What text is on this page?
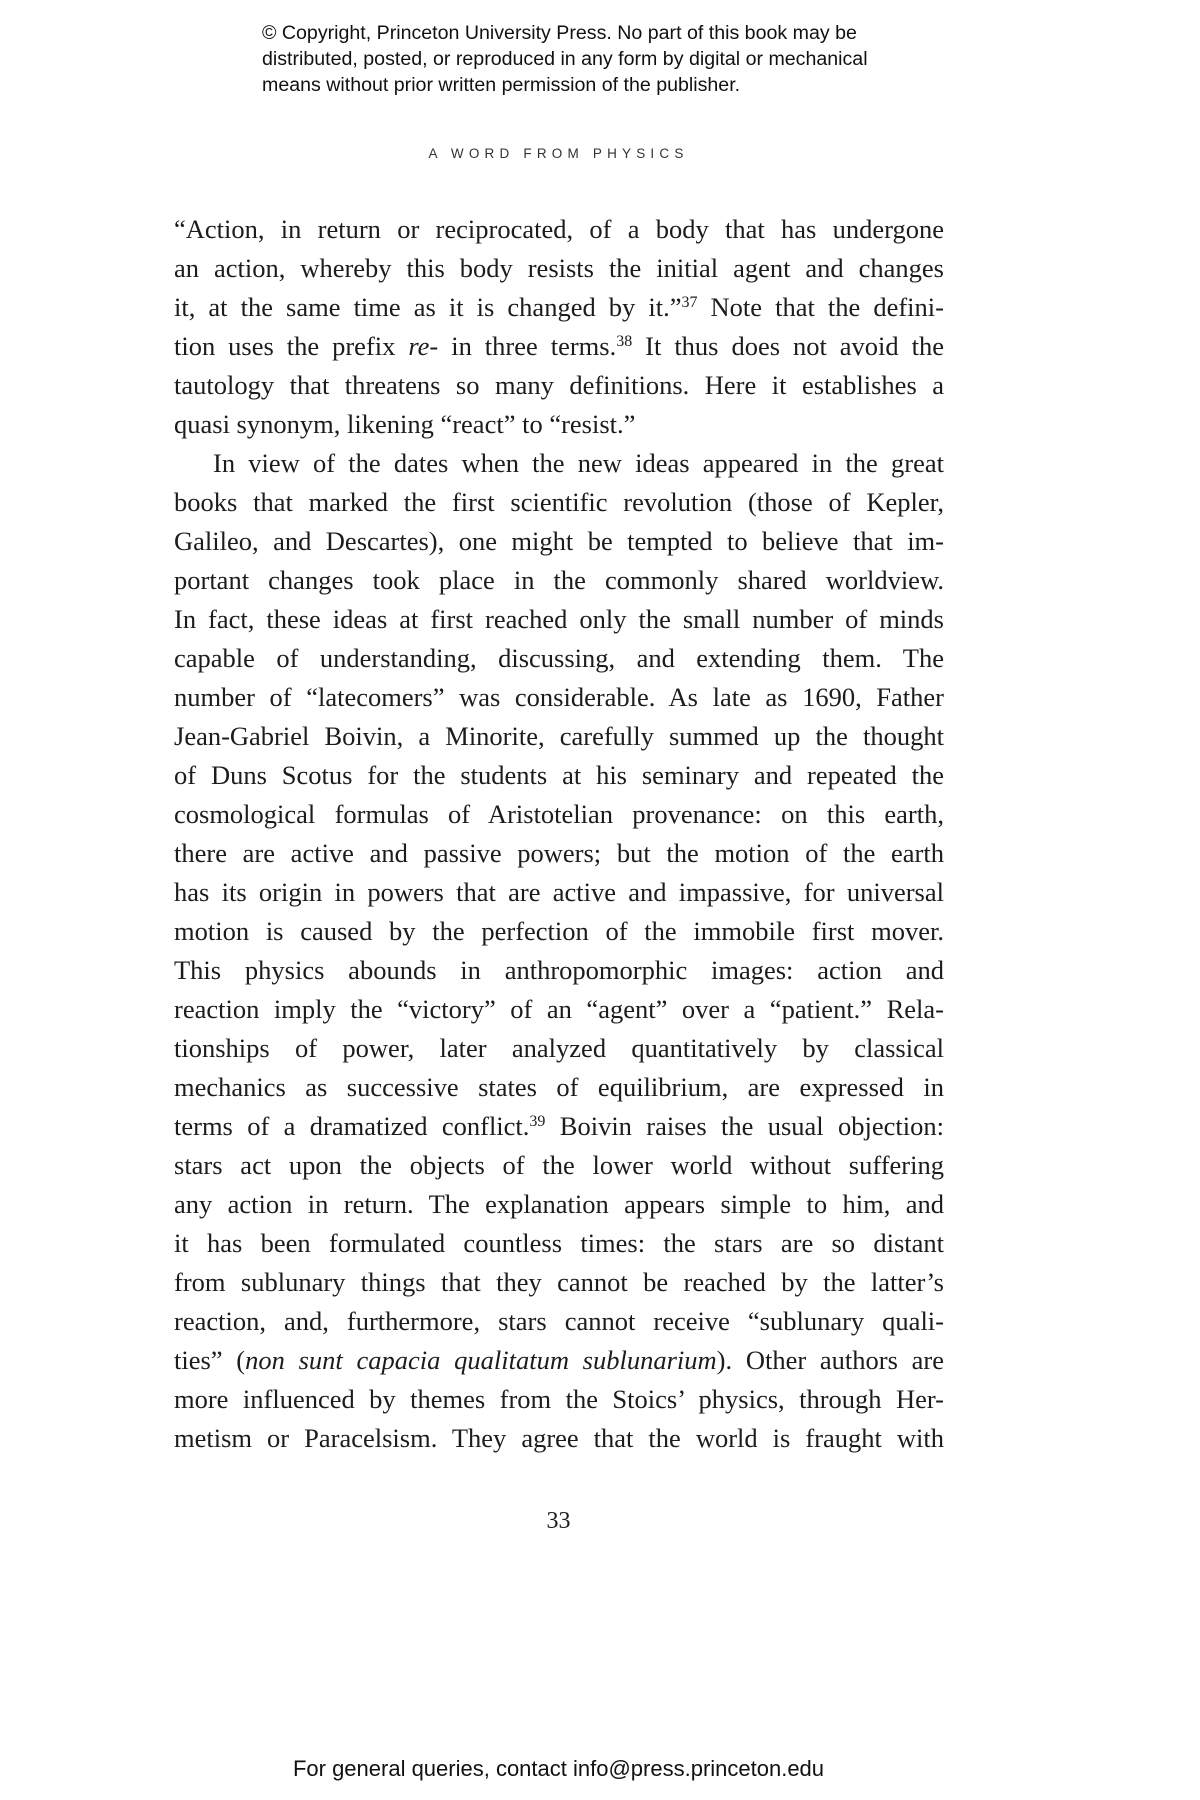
© Copyright, Princeton University Press. No part of this book may be
distributed, posted, or reproduced in any form by digital or mechanical
means without prior written permission of the publisher.
A WORD FROM PHYSICS
“Action, in return or reciprocated, of a body that has undergone
an action, whereby this body resists the initial agent and changes
it, at the same time as it is changed by it.”$^{37}$ Note that the defini-
tion uses the prefix re- in three terms.$^{38}$ It thus does not avoid the
tautology that threatens so many definitions. Here it establishes a
quasi synonym, likening “react” to “resist.”
In view of the dates when the new ideas appeared in the great
books that marked the first scientific revolution (those of Kepler,
Galileo, and Descartes), one might be tempted to believe that im-
portant changes took place in the commonly shared worldview.
In fact, these ideas at first reached only the small number of minds
capable of understanding, discussing, and extending them. The
number of “latecomers” was considerable. As late as 1690, Father
Jean-Gabriel Boivin, a Minorite, carefully summed up the thought
of Duns Scotus for the students at his seminary and repeated the
cosmological formulas of Aristotelian provenance: on this earth,
there are active and passive powers; but the motion of the earth
has its origin in powers that are active and impassive, for universal
motion is caused by the perfection of the immobile first mover.
This physics abounds in anthropomorphic images: action and
reaction imply the “victory” of an “agent” over a “patient.” Rela-
tionships of power, later analyzed quantitatively by classical
mechanics as successive states of equilibrium, are expressed in
terms of a dramatized conflict.$^{39}$ Boivin raises the usual objection:
stars act upon the objects of the lower world without suffering
any action in return. The explanation appears simple to him, and
it has been formulated countless times: the stars are so distant
from sublunary things that they cannot be reached by the latter’s
reaction, and, furthermore, stars cannot receive “sublunary quali-
ties” (non sunt capacia qualitatum sublunarium). Other authors are
more influenced by themes from the Stoics’ physics, through Her-
metism or Paracelsism. They agree that the world is fraught with
33
For general queries, contact info@press.princeton.edu
